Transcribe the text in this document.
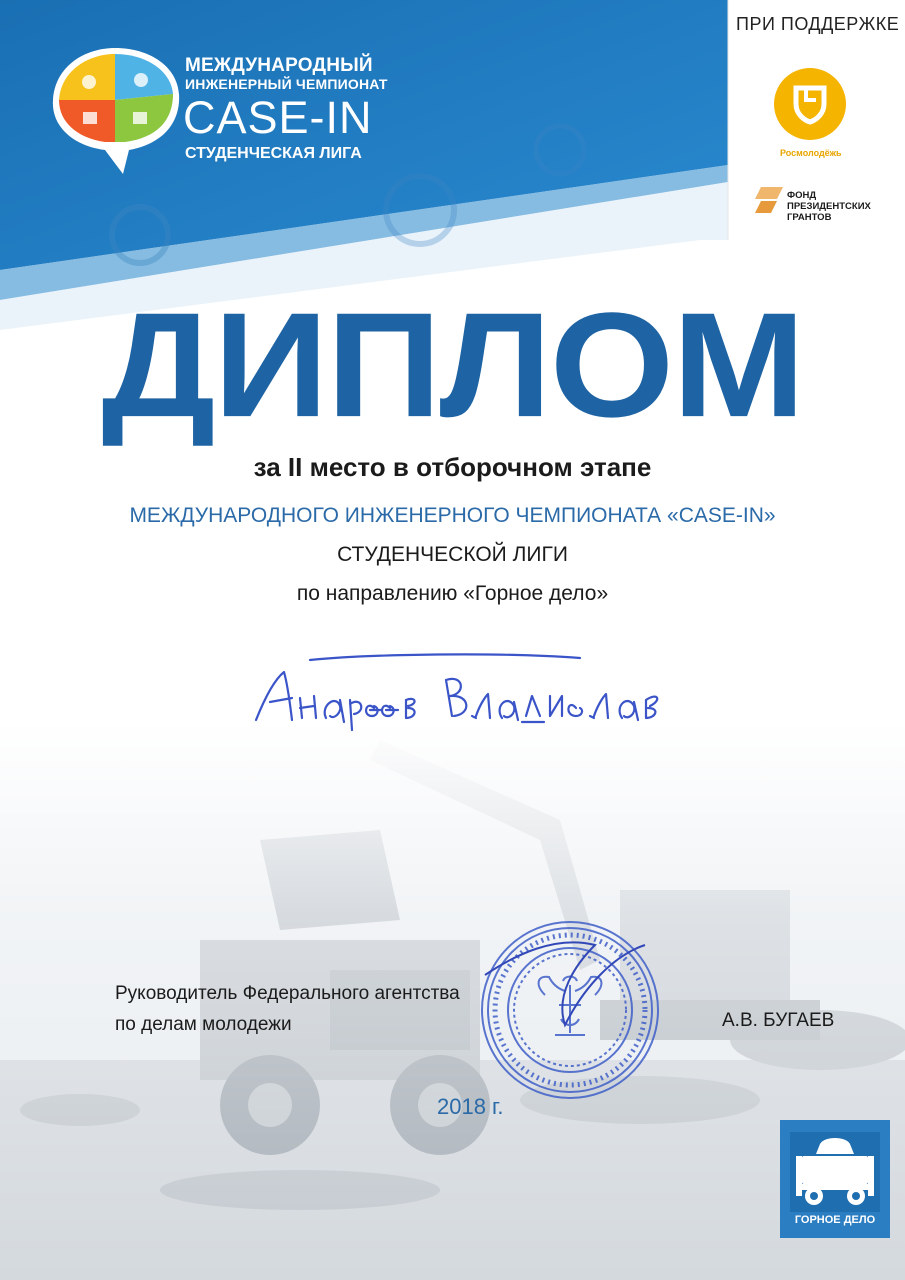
МЕЖДУНАРОДНЫЙ
ИНЖЕНЕРНЫЙ ЧЕМПИОНАТ
CASE-IN
СТУДЕНЧЕСКАЯ ЛИГА
ПРИ ПОДДЕРЖКЕ
Росмолодёжь
ФОНД
ПРЕЗИДЕНТСКИХ
ГРАНТОВ
ДИПЛОМ
за II место в отборочном этапе
МЕЖДУНАРОДНОГО ИНЖЕНЕРНОГО ЧЕМПИОНАТА «CASE-IN»
СТУДЕНЧЕСКОЙ ЛИГИ
по направлению «Горное дело»
Руководитель Федерального агентства
по делам молодежи	А.В. БУГАЕВ
2018 г.
ГОРНОЕ ДЕЛО
